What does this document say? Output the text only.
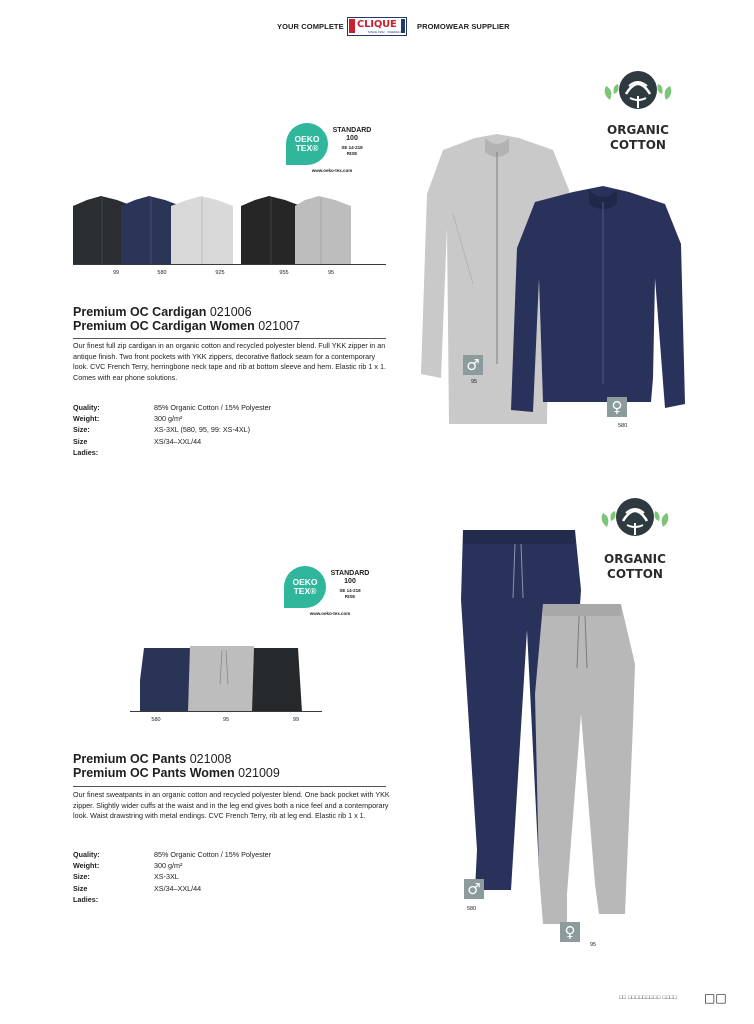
YOUR COMPLETE CLIQUE
SINCE 1992 · SWEDEN
PROMOWEAR SUPPLIER
ORGANIC
COTTON
OEKO
TEX®
STANDARD
100
SE 14-218
RISE
www.oeko-tex.com
99	580	925	955	95
Premium OC Cardigan 021006
Premium OC Cardigan Women 021007
Our finest full zip cardigan in an organic cotton and recycled polyester blend. Full YKK zipper in an antique finish. Two front pockets with YKK zippers, decorative flatlock seam for a contemporary look. CVC French Terry, herringbone neck tape and rib at bottom sleeve and hem. Elastic rib 1 x 1. Comes with ear phone solutions.
Quality:	85% Organic Cotton / 15% Polyester
Weight:	300 g/m²
Size:	XS-3XL (580, 95, 99: XS-4XL)
Size Ladies:
XS/34–XXL/44
♂
95
♀
580
ORGANIC
COTTON
OEKO
TEX®
STANDARD
100
SE 14-218
RISE
www.oeko-tex.com
580	95	99
Premium OC Pants 021008
Premium OC Pants Women 021009
Our finest sweatpants in an organic cotton and recycled polyester blend. One back pocket with YKK zipper. Slightly wider cuffs at the waist and in the leg end gives both a nice feel and a contemporary look. Waist drawstring with metal endings. CVC French Terry, rib at leg end. Elastic rib 1 x 1.
Quality:	85% Organic Cotton / 15% Polyester
Weight:	300 g/m²
Size:	XS-3XL
Size Ladies:
XS/34–XXL/44	♂
580
♀
95
□□ □□□□□□□□□ □□□□ □□
